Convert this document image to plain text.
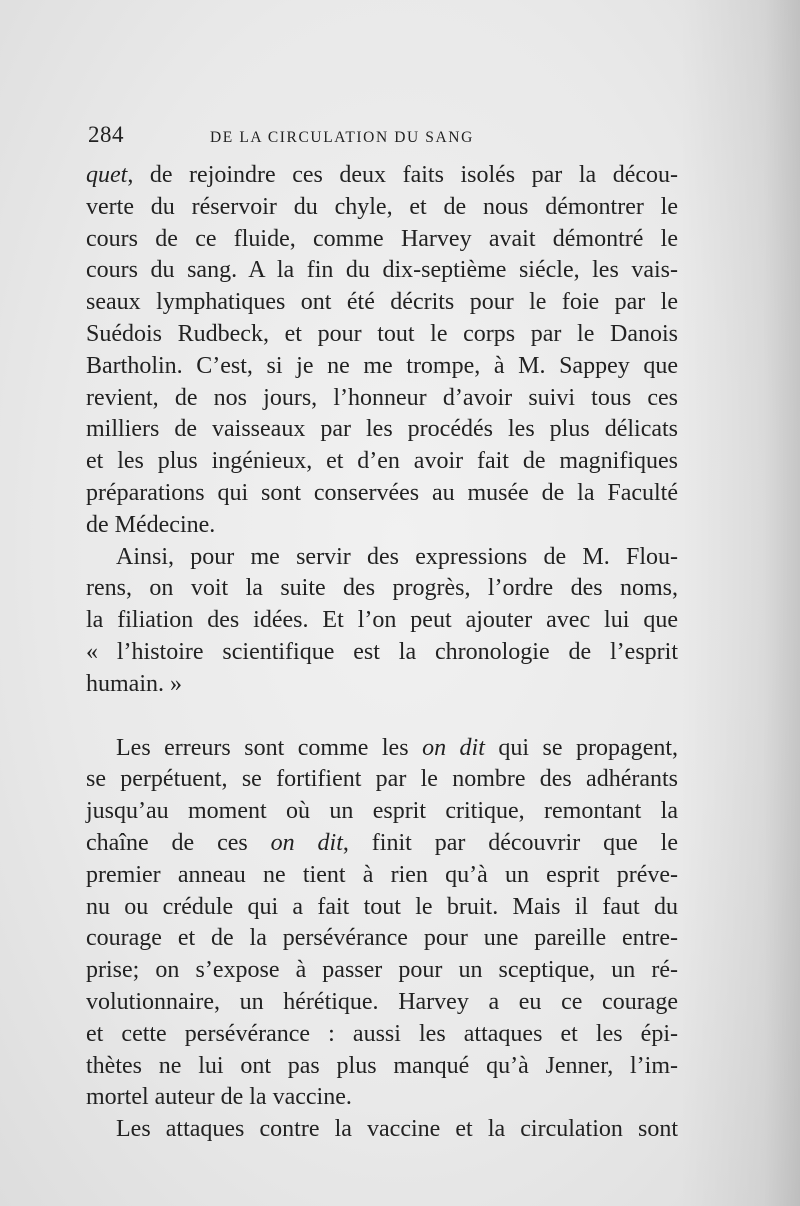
284	DE LA CIRCULATION DU SANG
quet, de rejoindre ces deux faits isolés par la décou-
verte du réservoir du chyle, et de nous démontrer le
cours de ce fluide, comme Harvey avait démontré le
cours du sang. A la fin du dix-septième siécle, les vais-
seaux lymphatiques ont été décrits pour le foie par le
Suédois Rudbeck, et pour tout le corps par le Danois
Bartholin. C’est, si je ne me trompe, à M. Sappey que
revient, de nos jours, l’honneur d’avoir suivi tous ces
milliers de vaisseaux par les procédés les plus délicats
et les plus ingénieux, et d’en avoir fait de magnifiques
préparations qui sont conservées au musée de la Faculté
de Médecine.
Ainsi, pour me servir des expressions de M. Flou-
rens, on voit la suite des progrès, l’ordre des noms,
la filiation des idées. Et l’on peut ajouter avec lui que
« l’histoire scientifique est la chronologie de l’esprit
humain. »
Les erreurs sont comme les on dit qui se propagent,
se perpétuent, se fortifient par le nombre des adhérants
jusqu’au moment où un esprit critique, remontant la
chaîne de ces on dit, finit par découvrir que le
premier anneau ne tient à rien qu’à un esprit préve-
nu ou crédule qui a fait tout le bruit. Mais il faut du
courage et de la persévérance pour une pareille entre-
prise; on s’expose à passer pour un sceptique, un ré-
volutionnaire, un hérétique. Harvey a eu ce courage
et cette persévérance : aussi les attaques et les épi-
thètes ne lui ont pas plus manqué qu’à Jenner, l’im-
mortel auteur de la vaccine.
Les attaques contre la vaccine et la circulation sont
